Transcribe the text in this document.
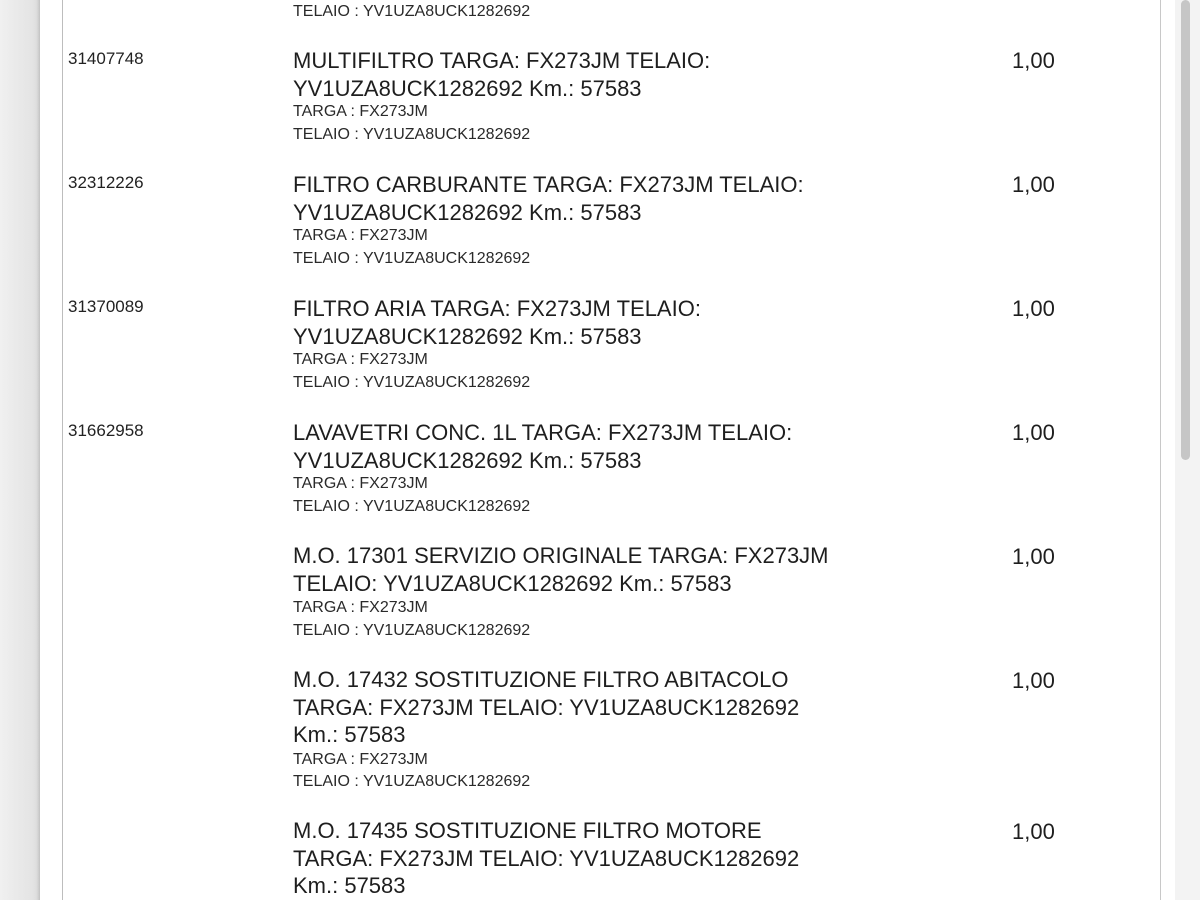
TELAIO : YV1UZA8UCK1282692
31407748	MULTIFILTRO TARGA: FX273JM TELAIO:
YV1UZA8UCK1282692 Km.: 57583
TARGA : FX273JM
TELAIO : YV1UZA8UCK1282692
1,00
32312226	FILTRO CARBURANTE TARGA: FX273JM TELAIO:
YV1UZA8UCK1282692 Km.: 57583
TARGA : FX273JM
TELAIO : YV1UZA8UCK1282692
1,00
31370089	FILTRO ARIA TARGA: FX273JM TELAIO:
YV1UZA8UCK1282692 Km.: 57583
TARGA : FX273JM
TELAIO : YV1UZA8UCK1282692
1,00
31662958	LAVAVETRI CONC. 1L TARGA: FX273JM TELAIO:
YV1UZA8UCK1282692 Km.: 57583
TARGA : FX273JM
TELAIO : YV1UZA8UCK1282692
1,00
M.O. 17301 SERVIZIO ORIGINALE TARGA: FX273JM
TELAIO: YV1UZA8UCK1282692 Km.: 57583
TARGA : FX273JM
TELAIO : YV1UZA8UCK1282692
1,00
M.O. 17432 SOSTITUZIONE FILTRO ABITACOLO
TARGA: FX273JM TELAIO: YV1UZA8UCK1282692
Km.: 57583
TARGA : FX273JM
TELAIO : YV1UZA8UCK1282692
1,00
M.O. 17435 SOSTITUZIONE FILTRO MOTORE
TARGA: FX273JM TELAIO: YV1UZA8UCK1282692
Km.: 57583
1,00
